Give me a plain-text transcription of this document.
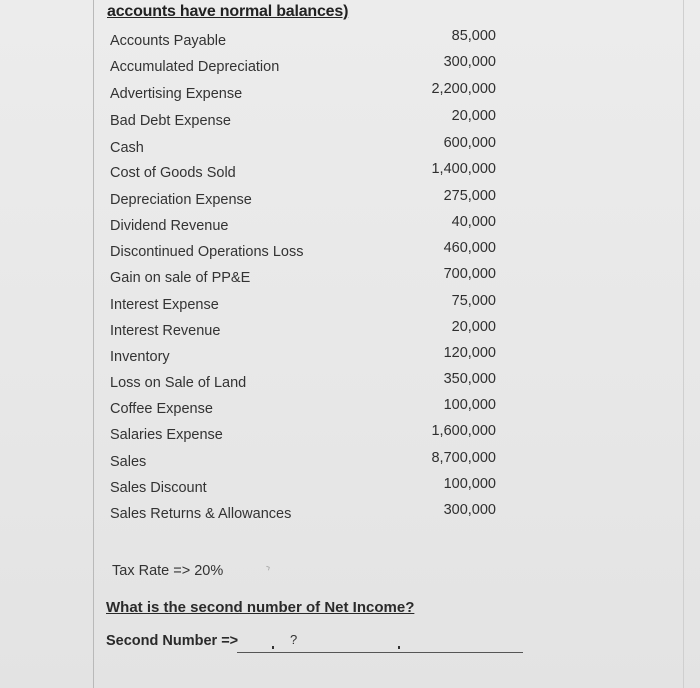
accounts have normal balances)
Accounts Payable	85,000
Accumulated Depreciation	300,000
Advertising Expense	2,200,000
Bad Debt Expense	20,000
Cash	600,000
Cost of Goods Sold	1,400,000
Depreciation Expense	275,000
Dividend Revenue	40,000
Discontinued Operations Loss	460,000
Gain on sale of PP&E	700,000
Interest Expense	75,000
Interest Revenue	20,000
Inventory	120,000
Loss on Sale of Land	350,000
Coffee Expense	100,000
Salaries Expense	1,600,000
Sales	8,700,000
Sales Discount	100,000
Sales Returns & Allowances	300,000
Tax Rate => 20%	›
What is the second number of Net Income?
Second Number =>	?
